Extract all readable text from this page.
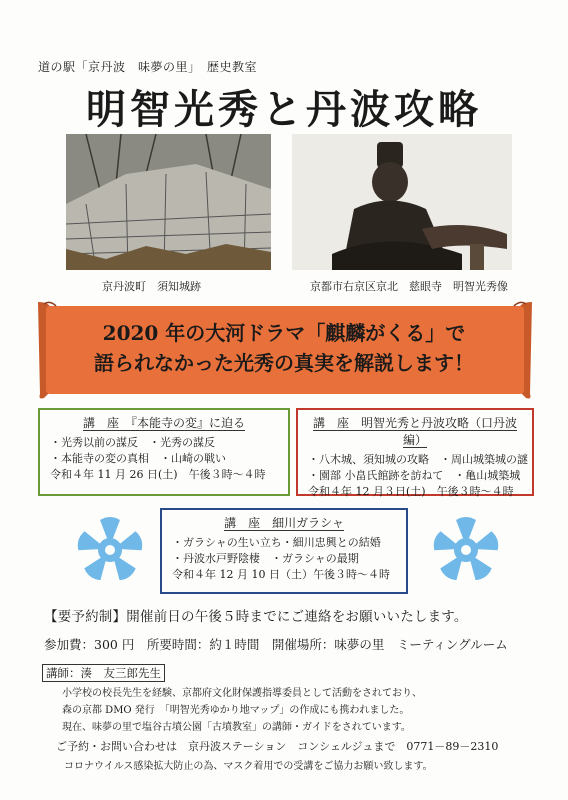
道の駅「京丹波　味夢の里」　歴史教室
明智光秀と丹波攻略
京丹波町　須知城跡	京都市右京区京北　慈眼寺　明智光秀像
2020 年の大河ドラマ「麒麟がくる」で
語られなかった光秀の真実を解説します！
講　座　『本能寺の変』に迫る
・光秀以前の謀反　・光秀の謀反
・本能寺の変の真相　・山崎の戦い
令和４年 11 月 26 日(土)　午後３時～４時
講　座　明智光秀と丹波攻略（口丹波編）
・八木城、須知城の攻略　・周山城築城の謎
・園部 小畠氏館跡を訪ねて　・亀山城築城
令和４年 12 月３日(土)　午後３時～４時
講　座　細川ガラシャ
・ガラシャの生い立ち・細川忠興との結婚
・丹波水戸野陰棲　・ガラシャの最期
令和４年 12 月 10 日（土）午後３時～４時
【要予約制】開催前日の午後５時までにご連絡をお願いいたします。
参加費：300 円　所要時間：約１時間　開催場所：味夢の里　ミーティングルーム
講師：湊　友三郎先生
小学校の校長先生を経験、京都府文化財保護指導委員として活動をされており、
森の京都 DMO 発行　「明智光秀ゆかり地マップ」の作成にも携われました。
現在、味夢の里で塩谷古墳公園「古墳教室」の講師・ガイドをされています。
ご予約・お問い合わせは　京丹波ステーション　コンシェルジュまで　0771－89－2310
コロナウイルス感染拡大防止の為、マスク着用での受講をご協力お願い致します。
